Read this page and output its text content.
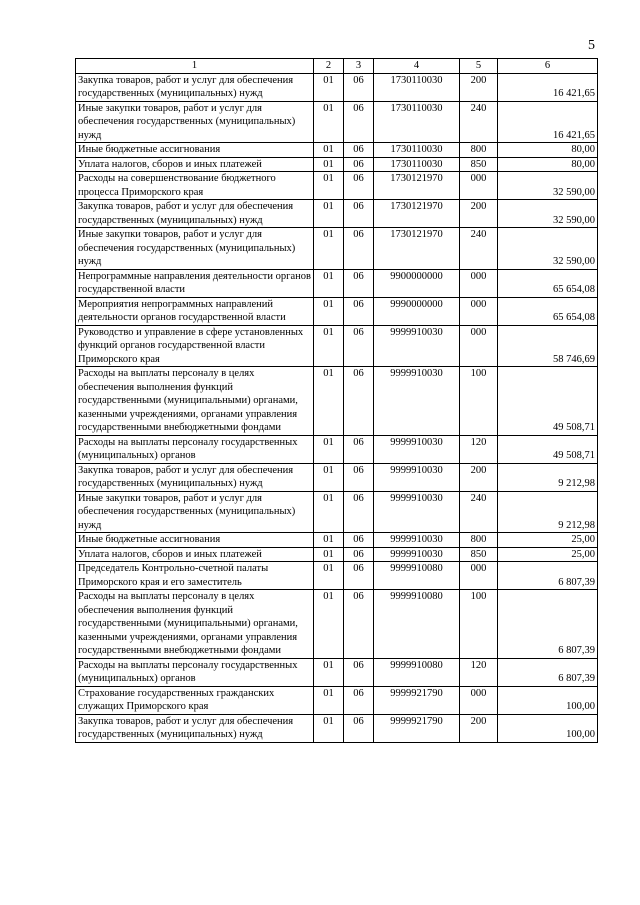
5
1	2	3	4	5	6
Закупка товаров, работ и услуг для обеспечения государственных (муниципальных) нужд	01	06	1730110030	200	16 421,65
Иные закупки товаров, работ и услуг для обеспечения государственных (муниципальных) нужд	01	06	1730110030	240	16 421,65
Иные бюджетные ассигнования	01	06	1730110030	800	80,00
Уплата налогов, сборов и иных платежей	01	06	1730110030	850	80,00
Расходы на совершенствование бюджетного процесса Приморского края	01	06	1730121970	000	32 590,00
Закупка товаров, работ и услуг для обеспечения государственных (муниципальных) нужд	01	06	1730121970	200	32 590,00
Иные закупки товаров, работ и услуг для обеспечения государственных (муниципальных) нужд	01	06	1730121970	240	32 590,00
Непрограммные направления деятельности органов государственной власти	01	06	9900000000	000	65 654,08
Мероприятия непрограммных направлений деятельности органов государственной власти	01	06	9990000000	000	65 654,08
Руководство и управление в сфере установленных функций органов государственной власти Приморского края	01	06	9999910030	000	58 746,69
Расходы на выплаты персоналу в целях обеспечения выполнения функций государственными (муниципальными) органами, казенными учреждениями, органами управления государственными внебюджетными фондами	01	06	9999910030	100	49 508,71
Расходы на выплаты персоналу государственных (муниципальных) органов	01	06	9999910030	120	49 508,71
Закупка товаров, работ и услуг для обеспечения государственных (муниципальных) нужд	01	06	9999910030	200	9 212,98
Иные закупки товаров, работ и услуг для обеспечения государственных (муниципальных) нужд	01	06	9999910030	240	9 212,98
Иные бюджетные ассигнования	01	06	9999910030	800	25,00
Уплата налогов, сборов и иных платежей	01	06	9999910030	850	25,00
Председатель Контрольно-счетной палаты Приморского края и его заместитель	01	06	9999910080	000	6 807,39
Расходы на выплаты персоналу в целях обеспечения выполнения функций государственными (муниципальными) органами, казенными учреждениями, органами управления государственными внебюджетными фондами	01	06	9999910080	100	6 807,39
Расходы на выплаты персоналу государственных (муниципальных) органов	01	06	9999910080	120	6 807,39
Страхование государственных гражданских служащих Приморского края	01	06	9999921790	000	100,00
Закупка товаров, работ и услуг для обеспечения государственных (муниципальных) нужд	01	06	9999921790	200	100,00
